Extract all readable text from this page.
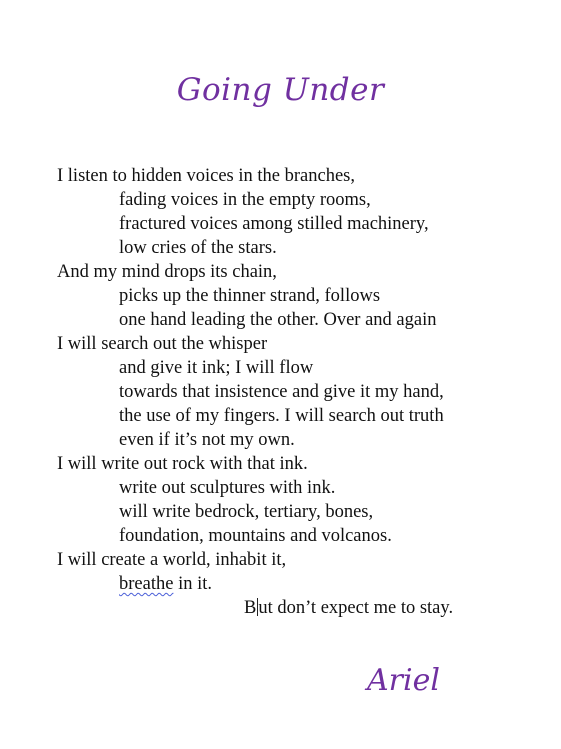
Going Under
I listen to hidden voices in the branches,
fading voices in the empty rooms,
fractured voices among stilled machinery,
low cries of the stars.
And my mind drops its chain,
picks up the thinner strand, follows
one hand leading the other. Over and again
I will search out the whisper
and give it ink; I will flow
towards that insistence and give it my hand,
the use of my fingers. I will search out truth
even if it’s not my own.
I will write out rock with that ink.
write out sculptures with ink.
will write bedrock, tertiary, bones,
foundation, mountains and volcanos.
I will create a world, inhabit it,
breathe in it.
B ut don’t expect me to stay.
Ariel
